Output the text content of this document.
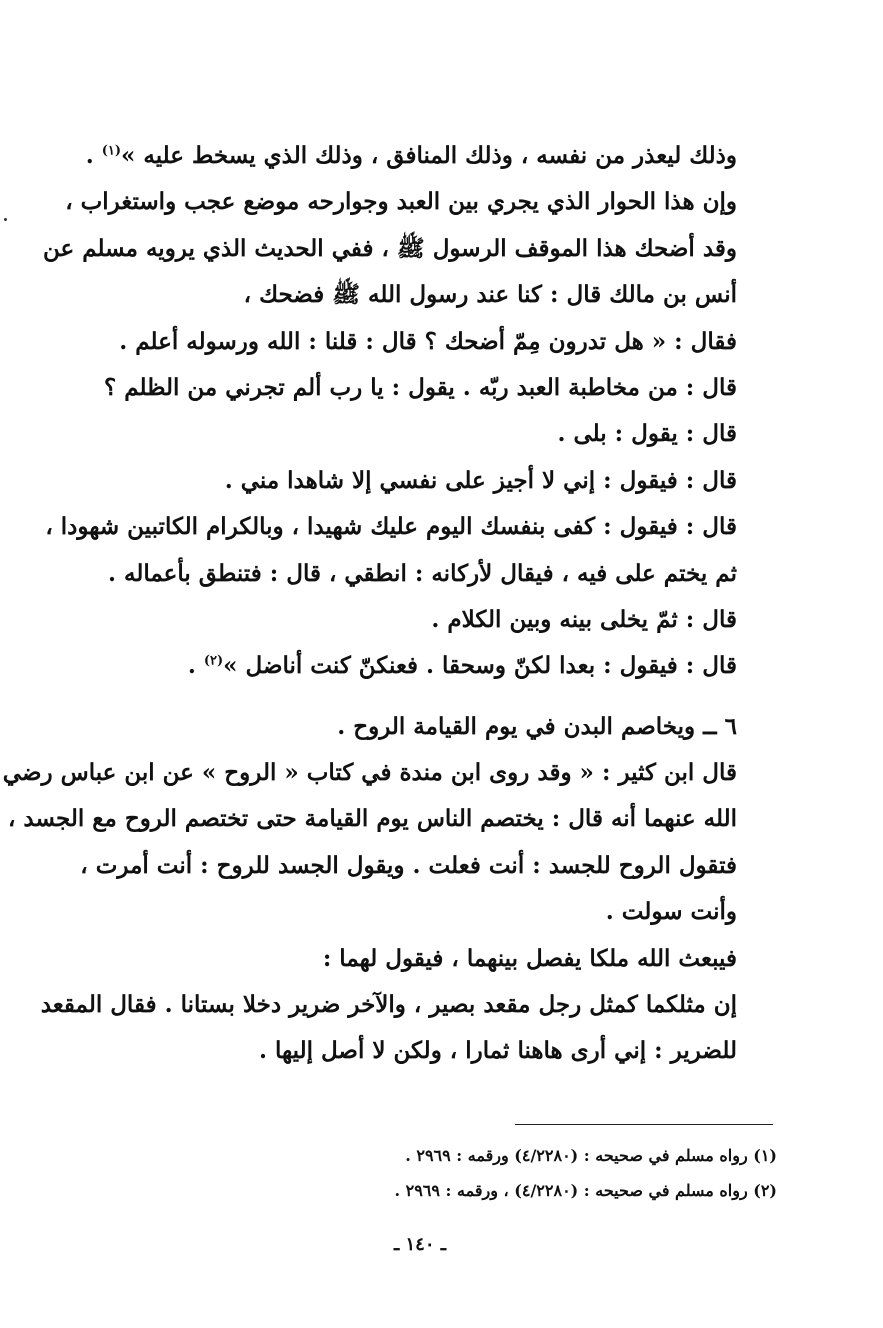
وذلك ليعذر من نفسه ، وذلك المنافق ، وذلك الذي يسخط عليه »$^{(١)}$ .
وإن هذا الحوار الذي يجري بين العبد وجوارحه موضع عجب واستغراب ،
وقد أضحك هذا الموقف الرسول ﷺ ، ففي الحديث الذي يرويه مسلم عن
أنس بن مالك قال : كنا عند رسول الله ﷺ فضحك ،
فقال : « هل تدرون مِمّ أضحك ؟ قال : قلنا : الله ورسوله أعلم .
قال : من مخاطبة العبد ربّه . يقول : يا رب ألم تجرني من الظلم ؟
قال : يقول : بلى .
قال : فيقول : إني لا أجيز على نفسي إلا شاهدا مني .
قال : فيقول : كفى بنفسك اليوم عليك شهيدا ، وبالكرام الكاتبين شهودا ،
ثم يختم على فيه ، فيقال لأركانه : انطقي ، قال : فتنطق بأعماله .
قال : ثمّ يخلى بينه وبين الكلام .
قال : فيقول : بعدا لكنّ وسحقا . فعنكنّ كنت أناضل »$^{(٢)}$ .
٦ ــ ويخاصم البدن في يوم القيامة الروح .
قال ابن كثير : « وقد روى ابن مندة في كتاب « الروح » عن ابن عباس رضي
الله عنهما أنه قال : يختصم الناس يوم القيامة حتى تختصم الروح مع الجسد ،
فتقول الروح للجسد : أنت فعلت . ويقول الجسد للروح : أنت أمرت ،
وأنت سولت .
فيبعث الله ملكا يفصل بينهما ، فيقول لهما :
إن مثلكما كمثل رجل مقعد بصير ، والآخر ضرير دخلا بستانا . فقال المقعد
للضرير : إني أرى هاهنا ثمارا ، ولكن لا أصل إليها .
(١) رواه مسلم في صحيحه : (٤/٢٢٨٠) ورقمه : ٢٩٦٩ .
(٢) رواه مسلم في صحيحه : (٤/٢٢٨٠) ، ورقمه : ٢٩٦٩ .
ـ ١٤٠ ـ
